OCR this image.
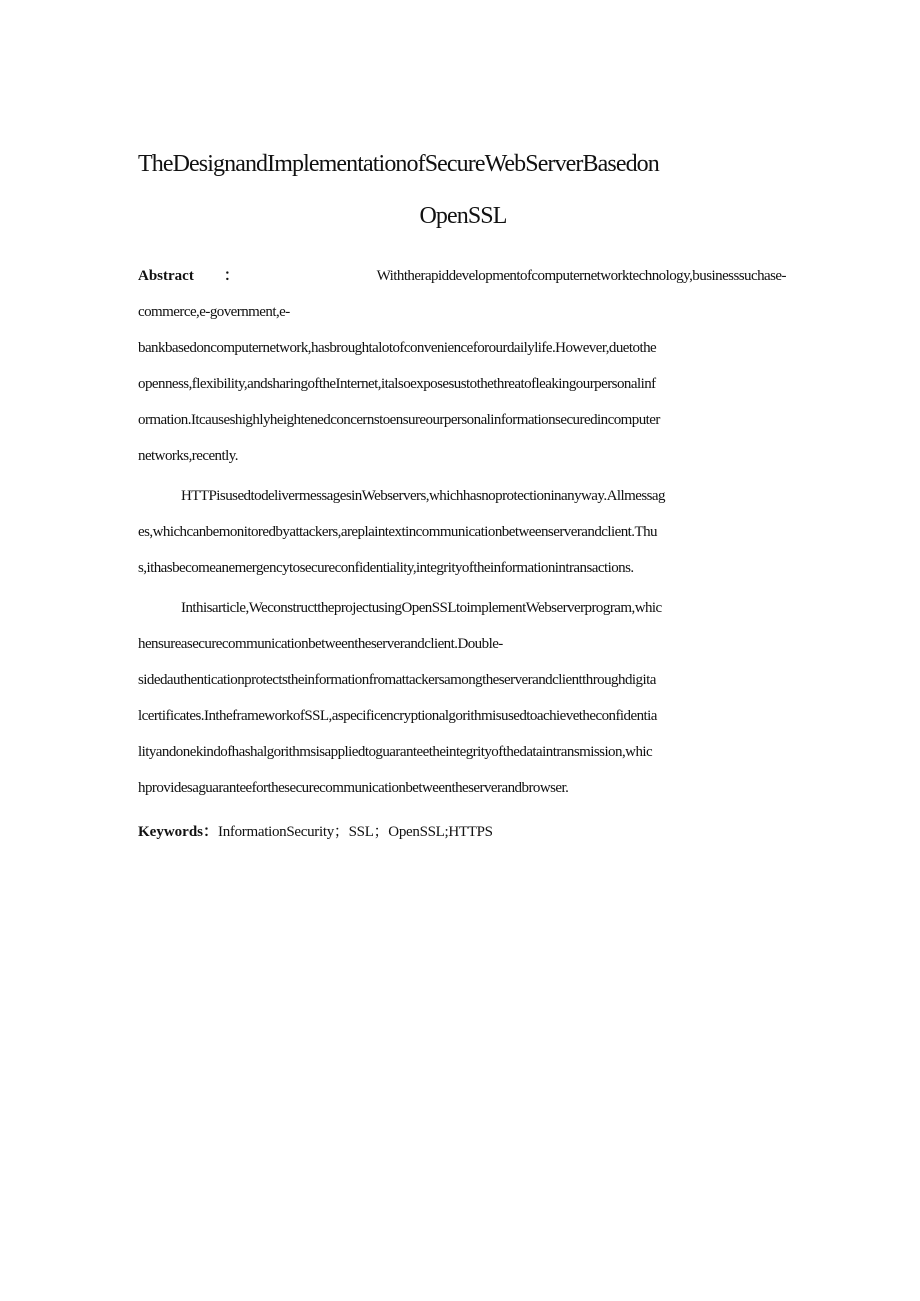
TheDesignandImplementationofSecureWebServerBasedon
OpenSSL
Abstract ：	Withtherapiddevelopmentofcomputernetworktechnology,businesssuchase-
commerce,e-government,e-
bankbasedoncomputernetwork,hasbroughtalotofconvenienceforourdailylife.However,duetothe
openness,flexibility,andsharingoftheInternet,italsoexposesustothethreatofleakingourpersonalinf
ormation.Itcauseshighlyheightenedconcernstoensureourpersonalinformationsecuredincomputer
networks,recently.
HTTPisusedtodelivermessagesinWebservers,whichhasnoprotectioninanyway.Allmessag
es,whichcanbemonitoredbyattackers,areplaintextincommunicationbetweenserverandclient.Thu
s,ithasbecomeanemergencytosecureconfidentiality,integrityoftheinformationintransactions.
Inthisarticle,WeconstructtheprojectusingOpenSSLtoimplementWebserverprogram,whic
hensureasecurecommunicationbetweentheserverandclient.Double-
sidedauthenticationprotectstheinformationfromattackersamongtheserverandclientthroughdigita
lcertificates.IntheframeworkofSSL,aspecificencryptionalgorithmisusedtoachievetheconfidentia
lityandonekindofhashalgorithmsisappliedtoguaranteetheintegrityofthedataintransmission,whic
hprovidesaguaranteeforthesecurecommunicationbetweentheserverandbrowser.
Keywords：InformationSecurity；SSL；OpenSSL;HTTPS
